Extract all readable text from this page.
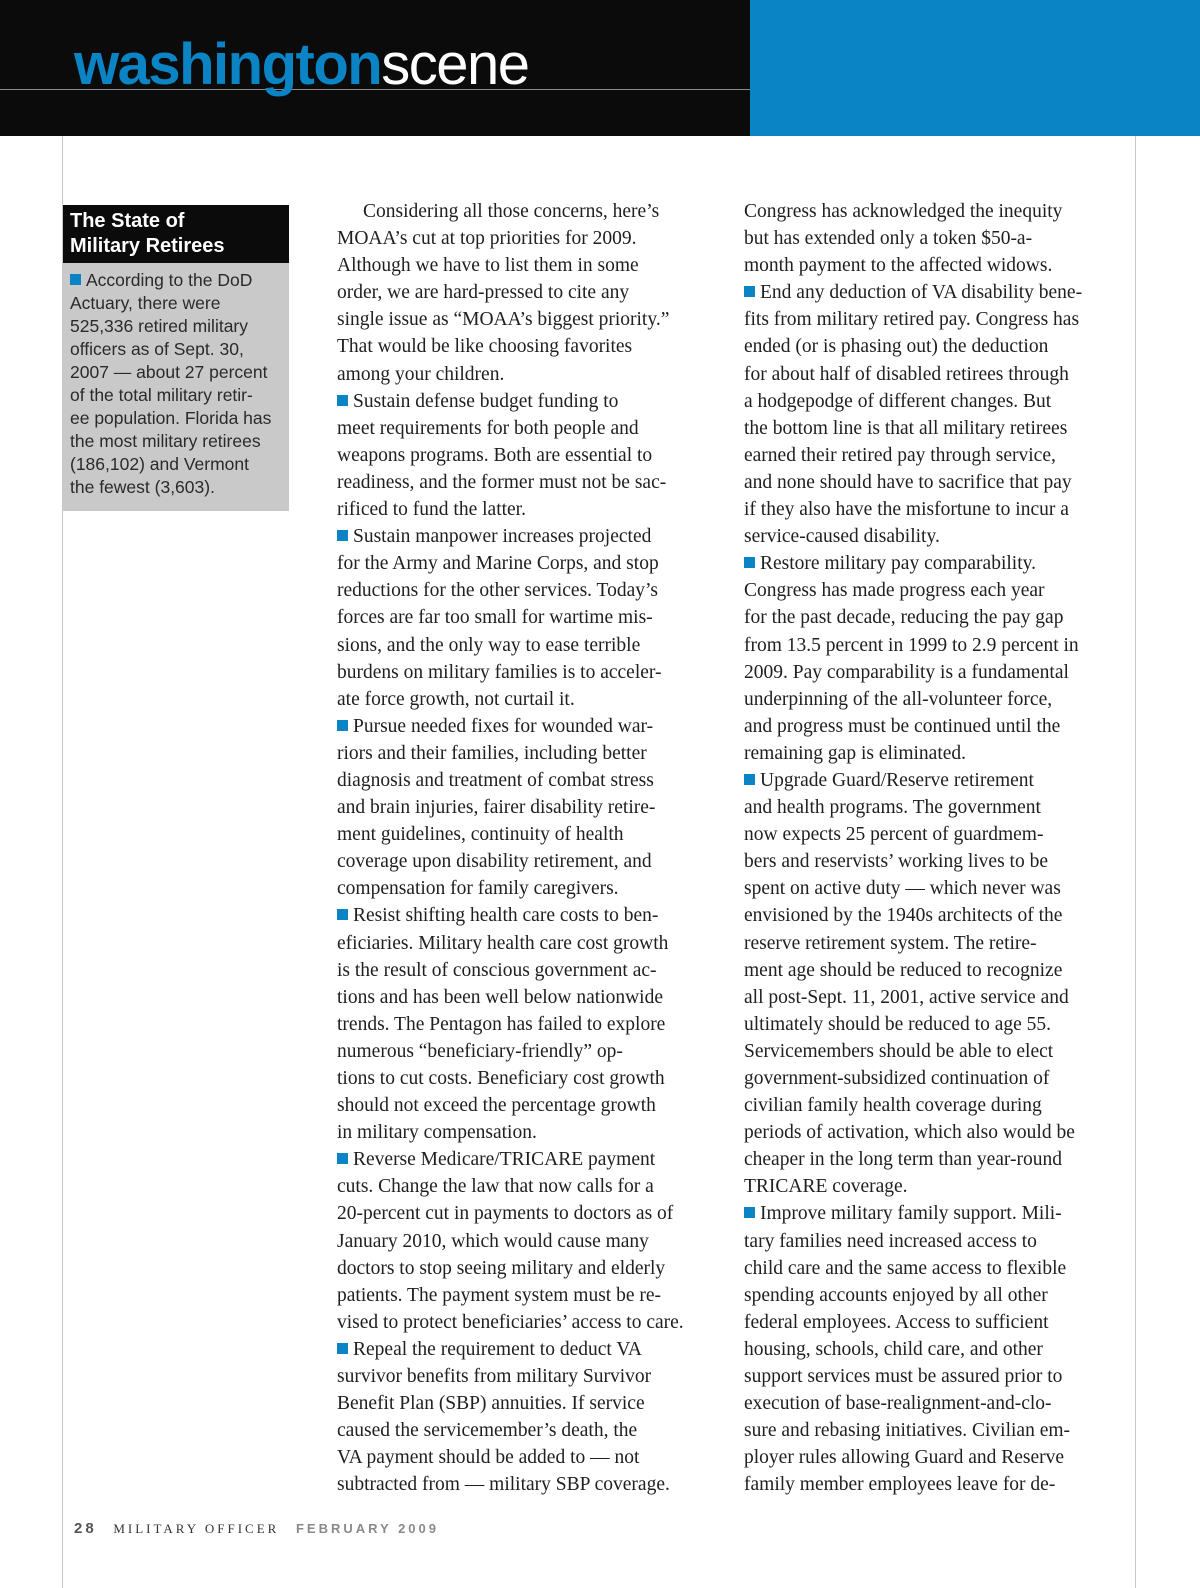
washingtonscene
The State of
Military Retirees
According to the DoD
Actuary, there were
525,336 retired military
officers as of Sept. 30,
2007 — about 27 percent
of the total military retir-
ee population. Florida has
the most military retirees
(186,102) and Vermont
the fewest (3,603).

Considering all those concerns, here’s

MOAA’s cut at top priorities for 2009.

Although we have to list them in some

order, we are hard-pressed to cite any

single issue as “MOAA’s biggest priority.”

That would be like choosing favorites

among your children.

Sustain defense budget funding to

meet requirements for both people and

weapons programs. Both are essential to

readiness, and the former must not be sac-

rificed to fund the latter.

Sustain manpower increases projected

for the Army and Marine Corps, and stop

reductions for the other services. Today’s

forces are far too small for wartime mis-

sions, and the only way to ease terrible

burdens on military families is to acceler-

ate force growth, not curtail it.

Pursue needed fixes for wounded war-

riors and their families, including better

diagnosis and treatment of combat stress

and brain injuries, fairer disability retire-

ment guidelines, continuity of health

coverage upon disability retirement, and

compensation for family caregivers.

Resist shifting health care costs to ben-

eficiaries. Military health care cost growth

is the result of conscious government ac-

tions and has been well below nationwide

trends. The Pentagon has failed to explore

numerous “beneficiary-friendly” op-

tions to cut costs. Beneficiary cost growth

should not exceed the percentage growth

in military compensation.

Reverse Medicare/TRICARE payment

cuts. Change the law that now calls for a

20-percent cut in payments to doctors as of

January 2010, which would cause many

doctors to stop seeing military and elderly

patients. The payment system must be re-

vised to protect beneficiaries’ access to care.

Repeal the requirement to deduct VA

survivor benefits from military Survivor

Benefit Plan (SBP) annuities. If service

caused the servicemember’s death, the

VA payment should be added to — not

subtracted from — military SBP coverage.

Congress has acknowledged the inequity

but has extended only a token $50-a-

month payment to the affected widows.

End any deduction of VA disability bene-

fits from military retired pay. Congress has

ended (or is phasing out) the deduction

for about half of disabled retirees through

a hodgepodge of different changes. But

the bottom line is that all military retirees

earned their retired pay through service,

and none should have to sacrifice that pay

if they also have the misfortune to incur a

service-caused disability.

Restore military pay comparability.

Congress has made progress each year

for the past decade, reducing the pay gap

from 13.5 percent in 1999 to 2.9 percent in

2009. Pay comparability is a fundamental

underpinning of the all-volunteer force,

and progress must be continued until the

remaining gap is eliminated.

Upgrade Guard/Reserve retirement

and health programs. The government

now expects 25 percent of guardmem-

bers and reservists’ working lives to be

spent on active duty — which never was

envisioned by the 1940s architects of the

reserve retirement system. The retire-

ment age should be reduced to recognize

all post-Sept. 11, 2001, active service and

ultimately should be reduced to age 55.

Servicemembers should be able to elect

government-subsidized continuation of

civilian family health coverage during

periods of activation, which also would be

cheaper in the long term than year-round

TRICARE coverage.

Improve military family support. Mili-

tary families need increased access to

child care and the same access to flexible

spending accounts enjoyed by all other

federal employees. Access to sufficient

housing, schools, child care, and other

support services must be assured prior to

execution of base-realignment-and-clo-

sure and rebasing initiatives. Civilian em-

ployer rules allowing Guard and Reserve

family member employees leave for de-

28 MILITARY OFFICER FEBRUARY 2009
